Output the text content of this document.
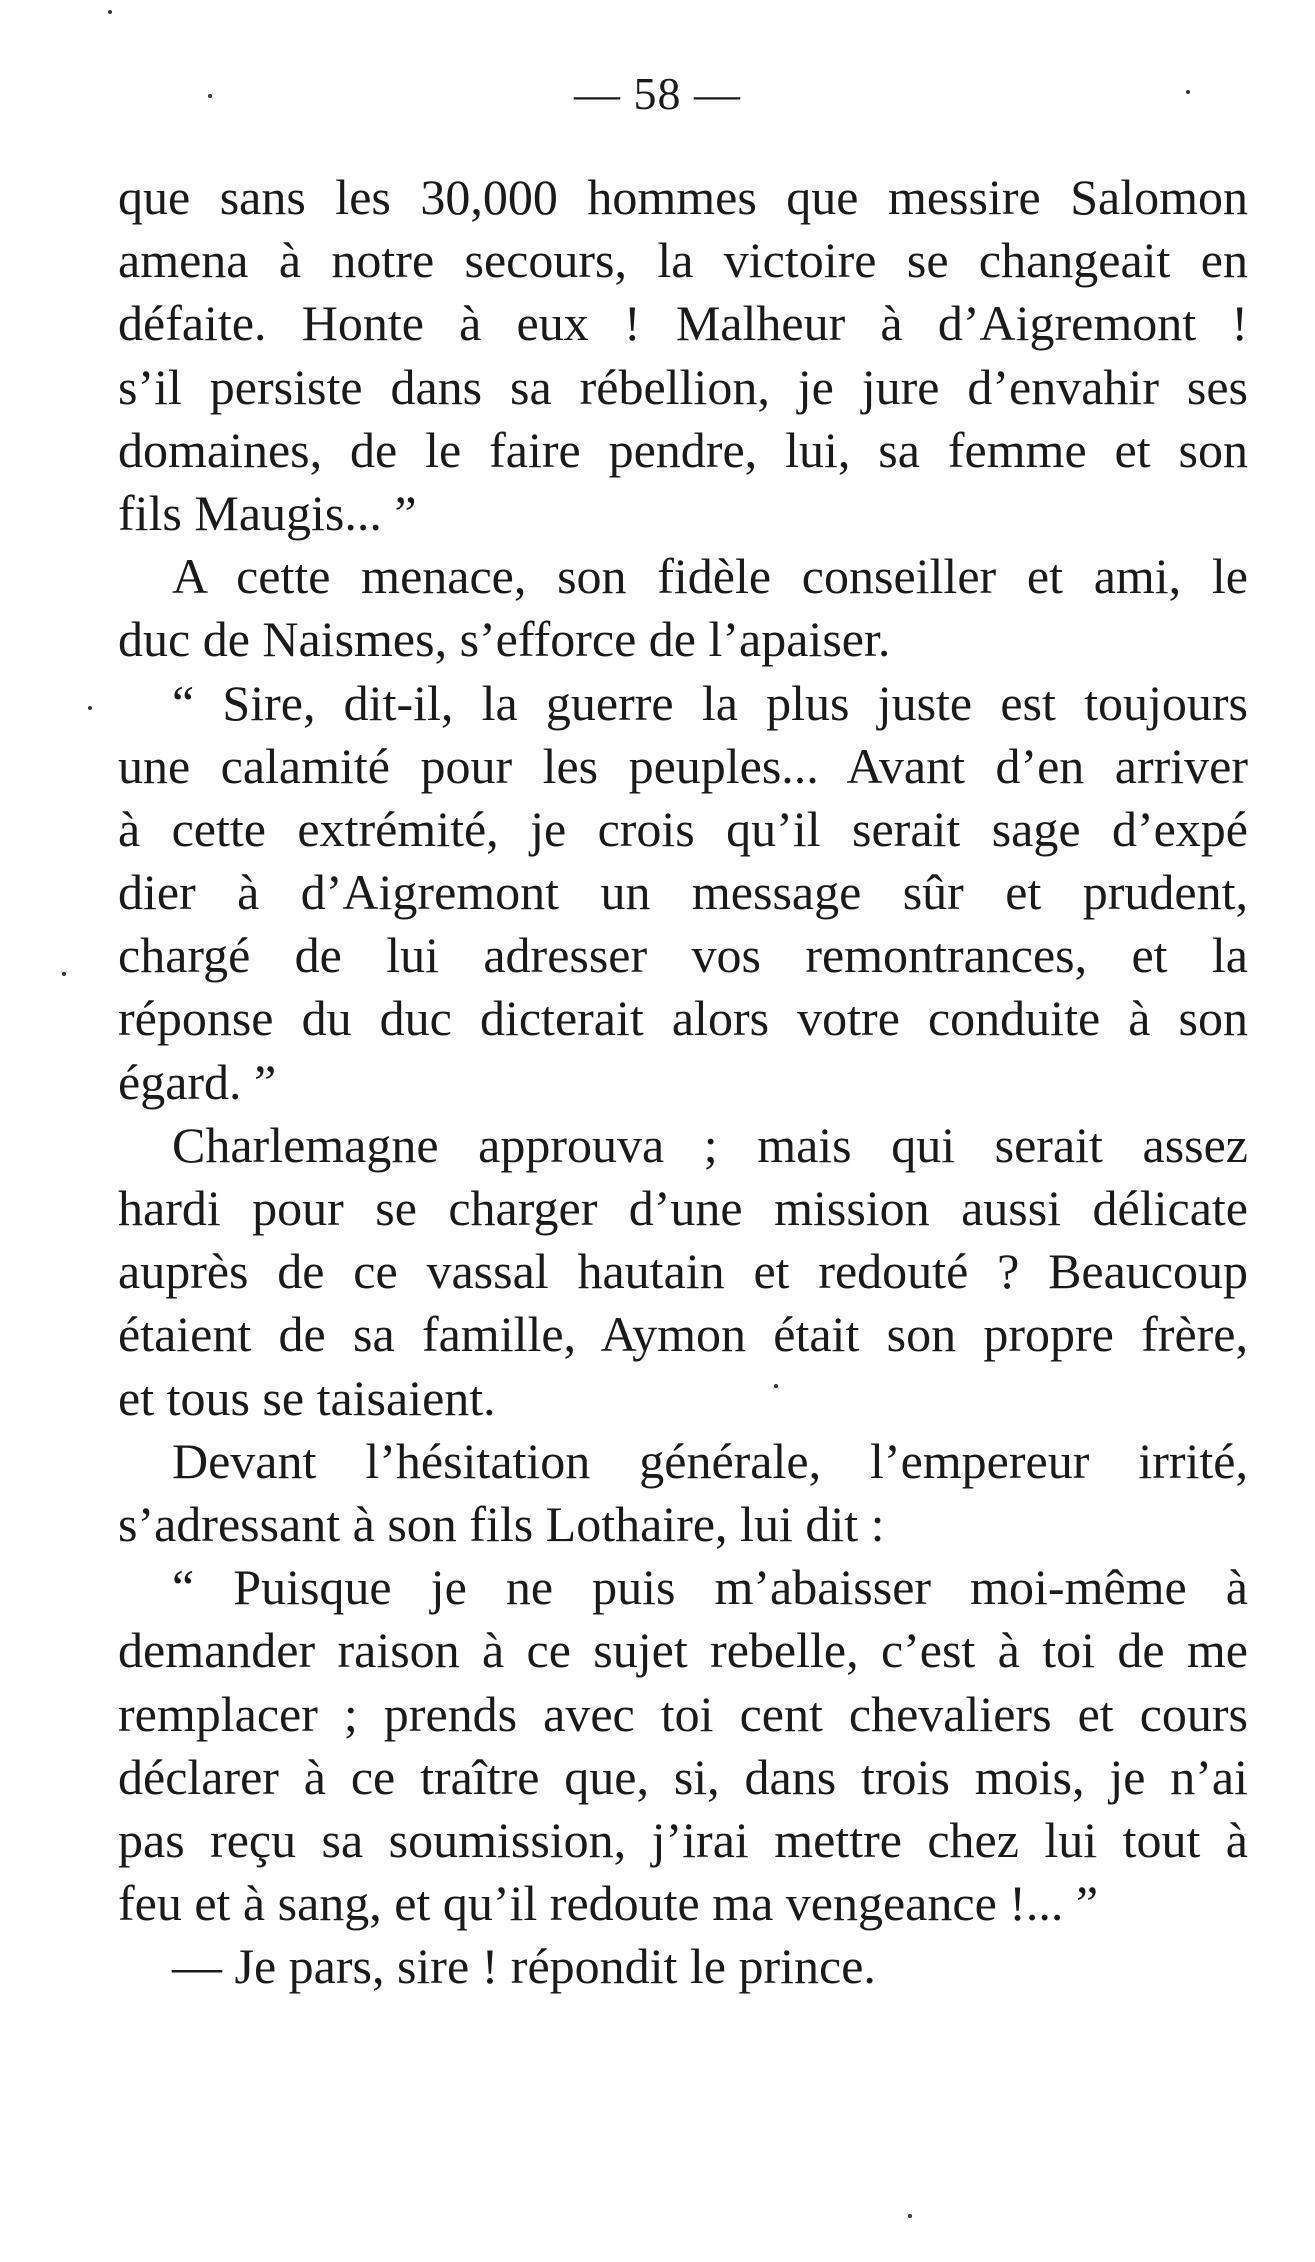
— 58 —
que sans les 30,000 hommes que messire Salomon
amena à notre secours, la victoire se changeait en
défaite. Honte à eux ! Malheur à d’Aigremont !
s’il persiste dans sa rébellion, je jure d’envahir ses
domaines, de le faire pendre, lui, sa femme et son
fils Maugis... ”
A cette menace, son fidèle conseiller et ami, le
duc de Naismes, s’efforce de l’apaiser.
“ Sire, dit-il, la guerre la plus juste est toujours
une calamité pour les peuples... Avant d’en arriver
à cette extrémité, je crois qu’il serait sage d’expé
dier à d’Aigremont un message sûr et prudent,
chargé de lui adresser vos remontrances, et la
réponse du duc dicterait alors votre conduite à son
égard. ”
Charlemagne approuva ; mais qui serait assez
hardi pour se charger d’une mission aussi délicate
auprès de ce vassal hautain et redouté ? Beaucoup
étaient de sa famille, Aymon était son propre frère,
et tous se taisaient.
Devant l’hésitation générale, l’empereur irrité,
s’adressant à son fils Lothaire, lui dit :
“ Puisque je ne puis m’abaisser moi-même à
demander raison à ce sujet rebelle, c’est à toi de me
remplacer ; prends avec toi cent chevaliers et cours
déclarer à ce traître que, si, dans trois mois, je n’ai
pas reçu sa soumission, j’irai mettre chez lui tout à
feu et à sang, et qu’il redoute ma vengeance !... ”
— Je pars, sire ! répondit le prince.
